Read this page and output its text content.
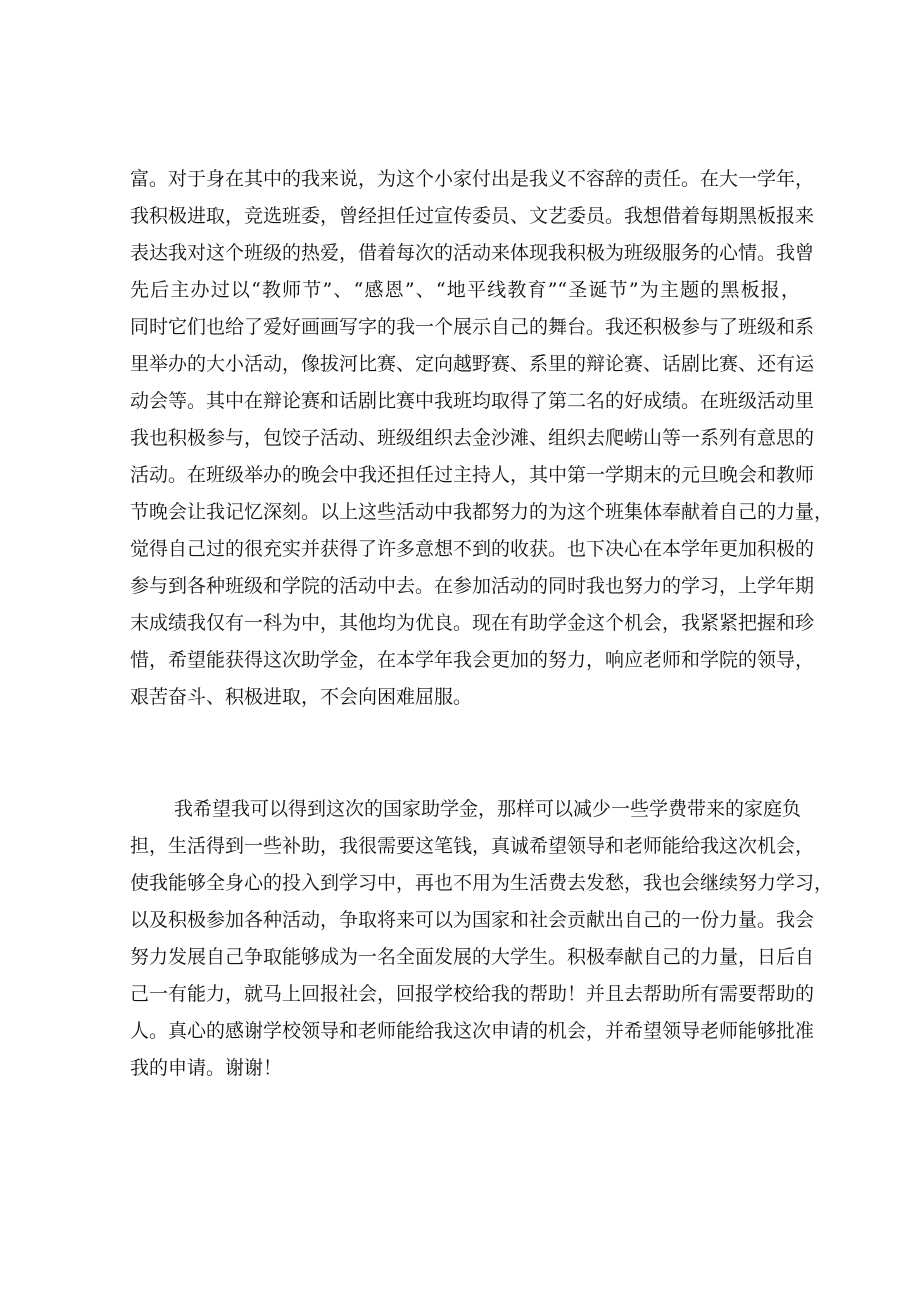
富。对于身在其中的我来说，为这个小家付出是我义不容辞的责任。在大一学年，
我积极进取，竞选班委，曾经担任过宣传委员、文艺委员。我想借着每期黑板报来
表达我对这个班级的热爱，借着每次的活动来体现我积极为班级服务的心情。我曾
先后主办过以“教师节”、“感恩”、“地平线教育”“圣诞节”为主题的黑板报，
同时它们也给了爱好画画写字的我一个展示自己的舞台。我还积极参与了班级和系
里举办的大小活动，像拔河比赛、定向越野赛、系里的辩论赛、话剧比赛、还有运
动会等。其中在辩论赛和话剧比赛中我班均取得了第二名的好成绩。在班级活动里
我也积极参与，包饺子活动、班级组织去金沙滩、组织去爬崂山等一系列有意思的
活动。在班级举办的晚会中我还担任过主持人，其中第一学期末的元旦晚会和教师
节晚会让我记忆深刻。以上这些活动中我都努力的为这个班集体奉献着自己的力量，
觉得自己过的很充实并获得了许多意想不到的收获。也下决心在本学年更加积极的
参与到各种班级和学院的活动中去。在参加活动的同时我也努力的学习，上学年期
末成绩我仅有一科为中，其他均为优良。现在有助学金这个机会，我紧紧把握和珍
惜，希望能获得这次助学金，在本学年我会更加的努力，响应老师和学院的领导，
艰苦奋斗、积极进取，不会向困难屈服。
我希望我可以得到这次的国家助学金，那样可以减少一些学费带来的家庭负
担，生活得到一些补助，我很需要这笔钱，真诚希望领导和老师能给我这次机会，
使我能够全身心的投入到学习中，再也不用为生活费去发愁，我也会继续努力学习，
以及积极参加各种活动，争取将来可以为国家和社会贡献出自己的一份力量。我会
努力发展自己争取能够成为一名全面发展的大学生。积极奉献自己的力量，日后自
己一有能力，就马上回报社会，回报学校给我的帮助！并且去帮助所有需要帮助的
人。真心的感谢学校领导和老师能给我这次申请的机会，并希望领导老师能够批准
我的申请。谢谢！
